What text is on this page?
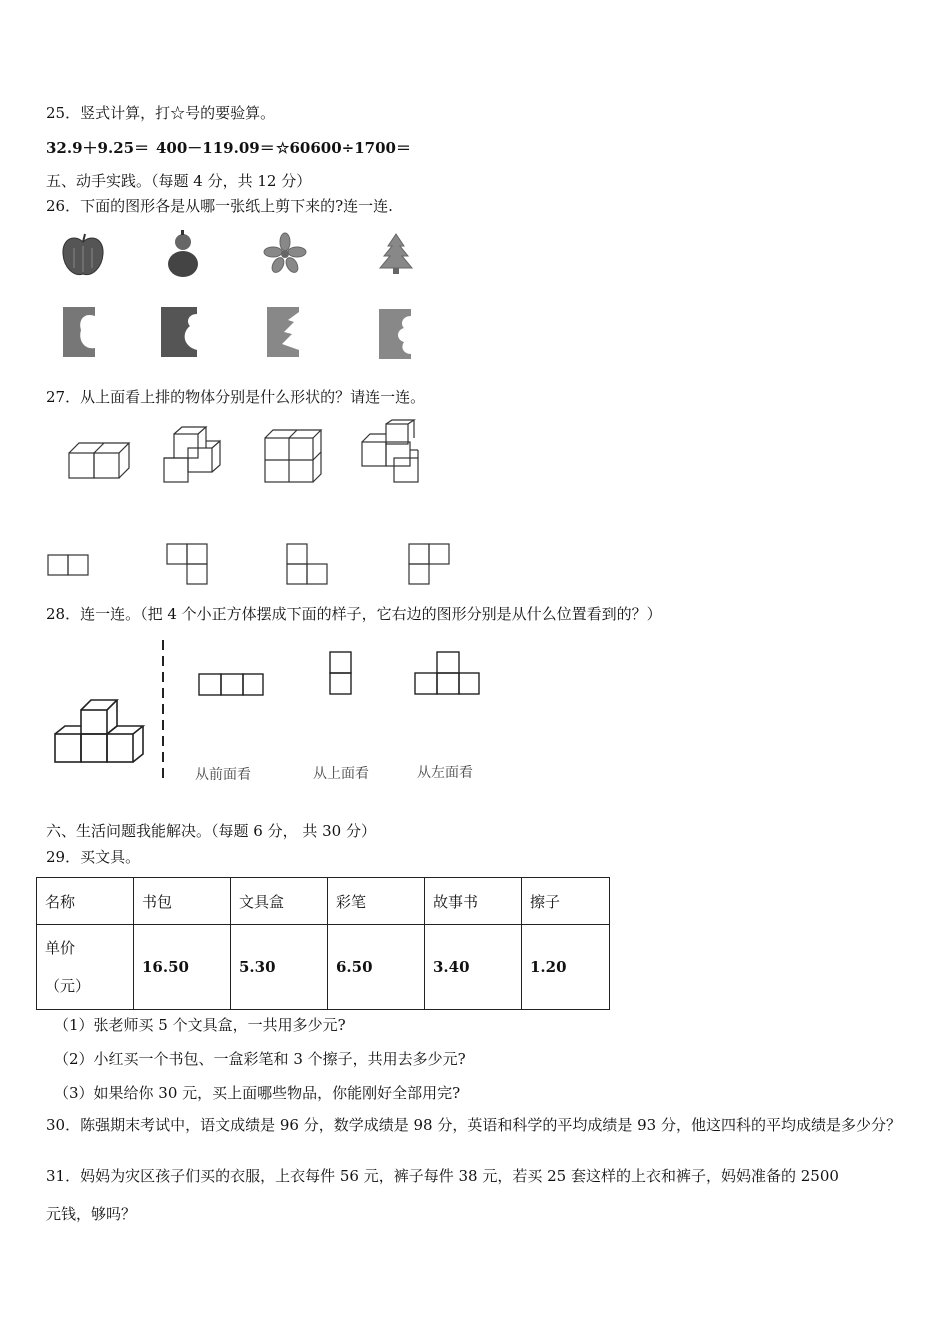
25．竖式计算，打☆号的要验算。
32.9＋9.25＝ 400－119.09＝ ☆60600÷1700＝
五、动手实践。（每题 4 分，共 12 分）
26．下面的图形各是从哪一张纸上剪下来的?连一连.
27．从上面看上排的物体分别是什么形状的？请连一连。
28．连一连。（把 4 个小正方体摆成下面的样子，它右边的图形分别是从什么位置看到的？）
从前面看	从上面看	从左面看
六、生活问题我能解决。（每题 6 分， 共 30 分）
29．买文具。
名称	书包	文具盒	彩笔	故事书	擦子

单价
（元）	16.50	5.30	6.50	3.40	1.20
（1）张老师买 5 个文具盒，一共用多少元?
（2）小红买一个书包、一盒彩笔和 3 个擦子，共用去多少元?
（3）如果给你 30 元，买上面哪些物品，你能刚好全部用完?
30．陈强期末考试中，语文成绩是 96 分，数学成绩是 98 分，英语和科学的平均成绩是 93 分，他这四科的平均成绩是多少分？
31．妈妈为灾区孩子们买的衣服，上衣每件 56 元，裤子每件 38 元，若买 25 套这样的上衣和裤子，妈妈准备的 2500
元钱，够吗？
